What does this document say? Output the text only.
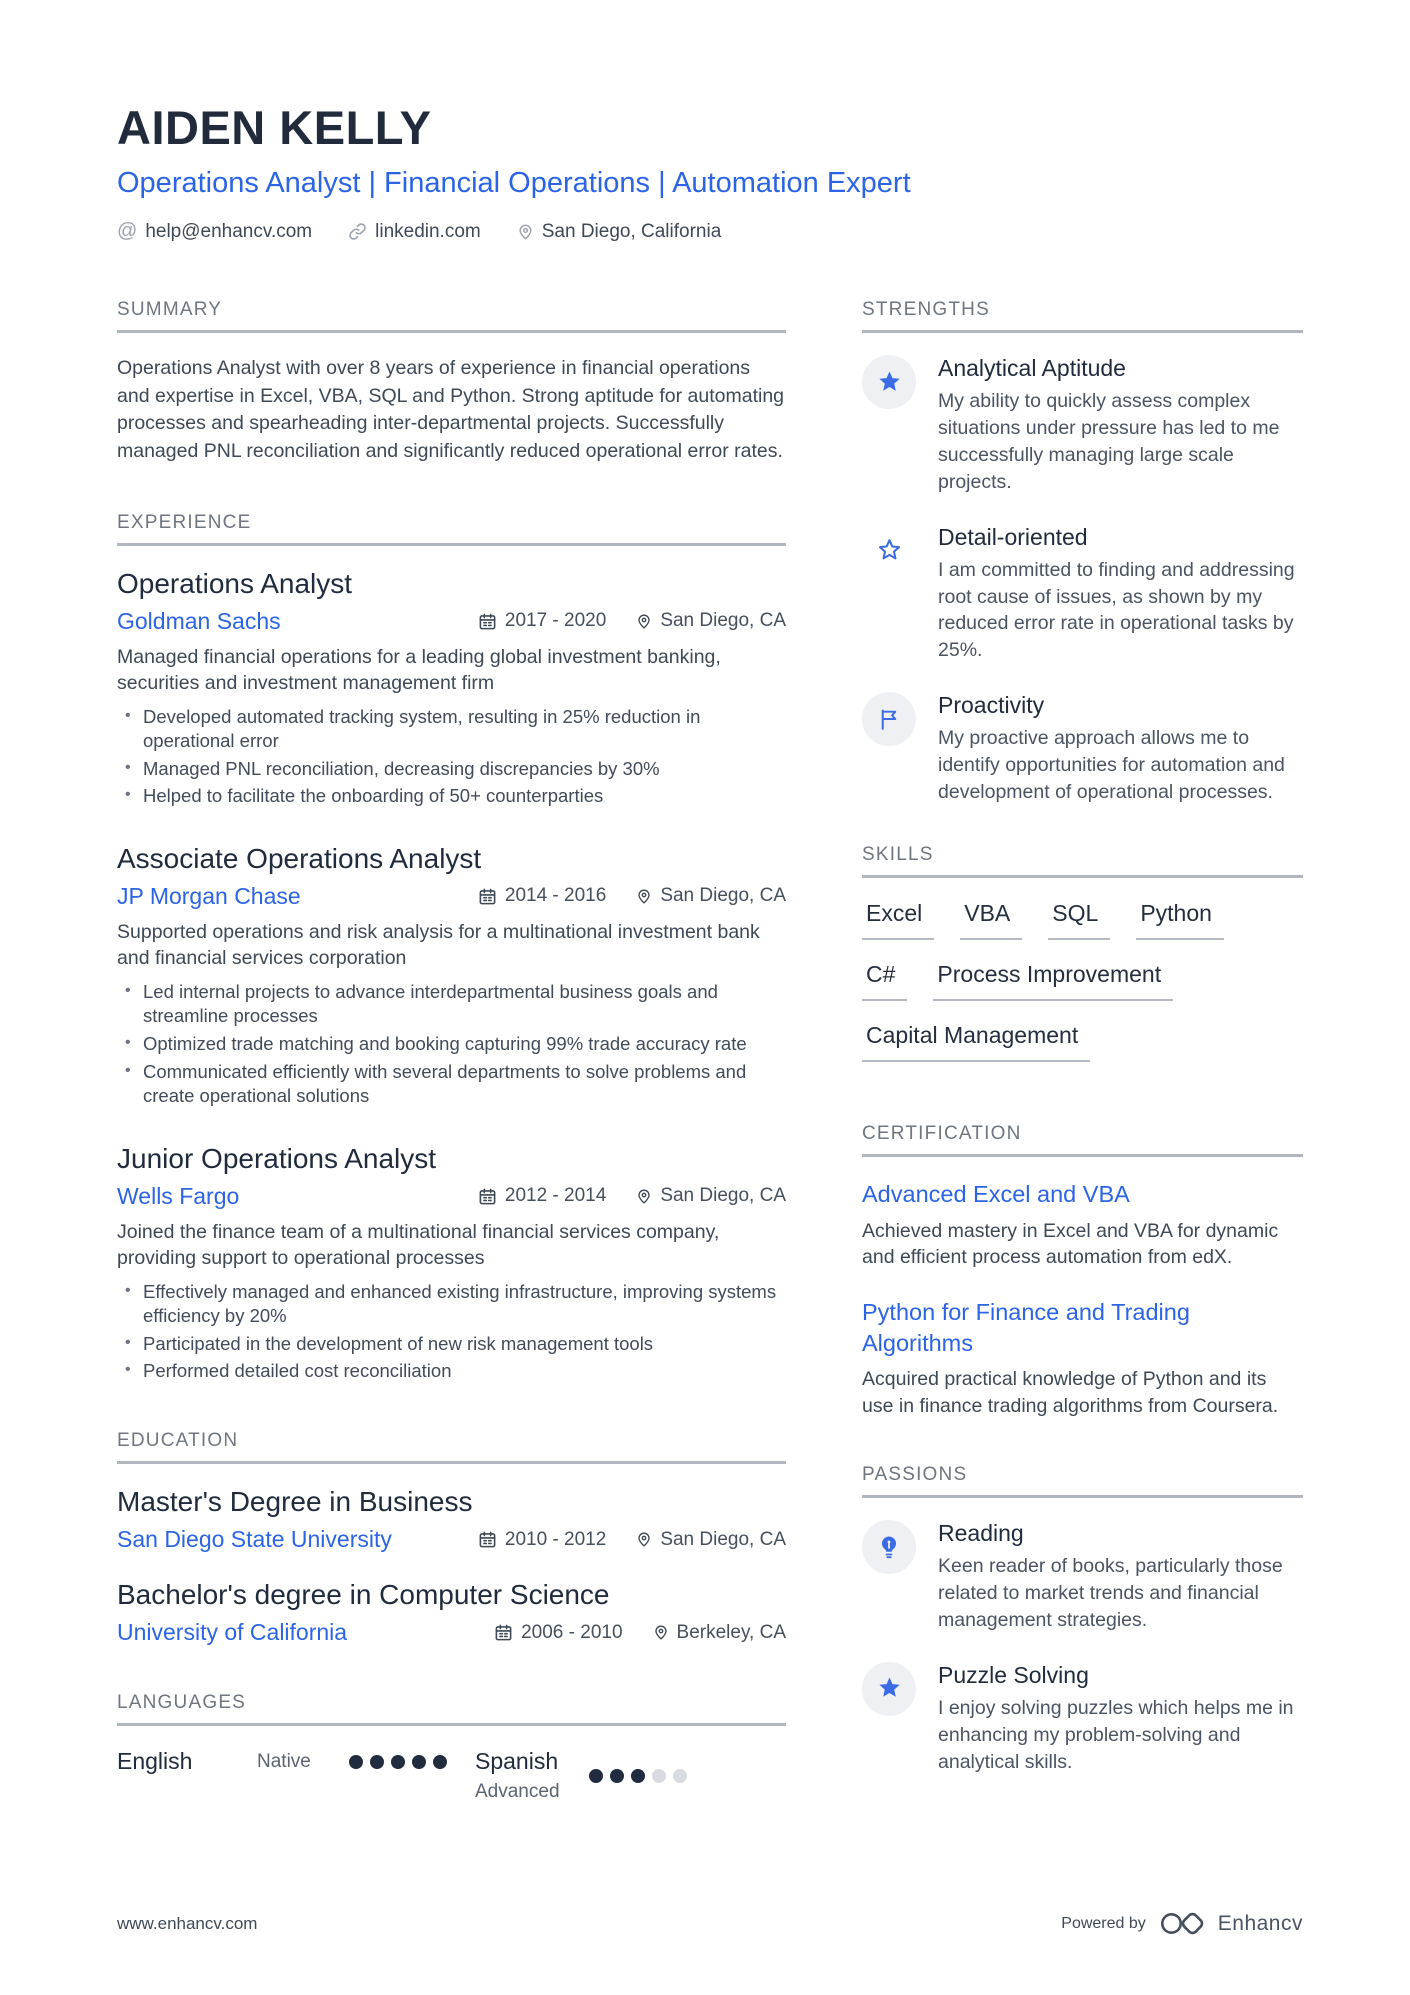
AIDEN KELLY
Operations Analyst | Financial Operations | Automation Expert
@ help@enhancv.com	linkedin.com	San Diego, California
SUMMARY
Operations Analyst with over 8 years of experience in financial operations and expertise in Excel, VBA, SQL and Python. Strong aptitude for automating processes and spearheading inter-departmental projects. Successfully managed PNL reconciliation and significantly reduced operational error rates.
EXPERIENCE
Operations Analyst
Goldman Sachs	2017 - 2020	San Diego, CA
Managed financial operations for a leading global investment banking, securities and investment management firm
• Developed automated tracking system, resulting in 25% reduction in operational error
• Managed PNL reconciliation, decreasing discrepancies by 30%
• Helped to facilitate the onboarding of 50+ counterparties
Associate Operations Analyst
JP Morgan Chase	2014 - 2016	San Diego, CA
Supported operations and risk analysis for a multinational investment bank and financial services corporation
• Led internal projects to advance interdepartmental business goals and streamline processes
• Optimized trade matching and booking capturing 99% trade accuracy rate
• Communicated efficiently with several departments to solve problems and create operational solutions
Junior Operations Analyst
Wells Fargo	2012 - 2014	San Diego, CA
Joined the finance team of a multinational financial services company, providing support to operational processes
• Effectively managed and enhanced existing infrastructure, improving systems efficiency by 20%
• Participated in the development of new risk management tools
• Performed detailed cost reconciliation
EDUCATION
Master's Degree in Business
San Diego State University	2010 - 2012	San Diego, CA
Bachelor's degree in Computer Science
University of California	2006 - 2010	Berkeley, CA
LANGUAGES
English	Native	Spanish
Advanced
STRENGTHS
Analytical Aptitude
My ability to quickly assess complex situations under pressure has led to me successfully managing large scale projects.
Detail-oriented
I am committed to finding and addressing root cause of issues, as shown by my reduced error rate in operational tasks by 25%.
Proactivity
My proactive approach allows me to identify opportunities for automation and development of operational processes.
SKILLS
Excel	VBA	SQL	Python
C#	Process Improvement
Capital Management
CERTIFICATION
Advanced Excel and VBA
Achieved mastery in Excel and VBA for dynamic and efficient process automation from edX.
Python for Finance and Trading Algorithms
Acquired practical knowledge of Python and its use in finance trading algorithms from Coursera.
PASSIONS
Reading
Keen reader of books, particularly those related to market trends and financial management strategies.
Puzzle Solving
I enjoy solving puzzles which helps me in enhancing my problem-solving and analytical skills.
www.enhancv.com	Powered by	Enhancv
